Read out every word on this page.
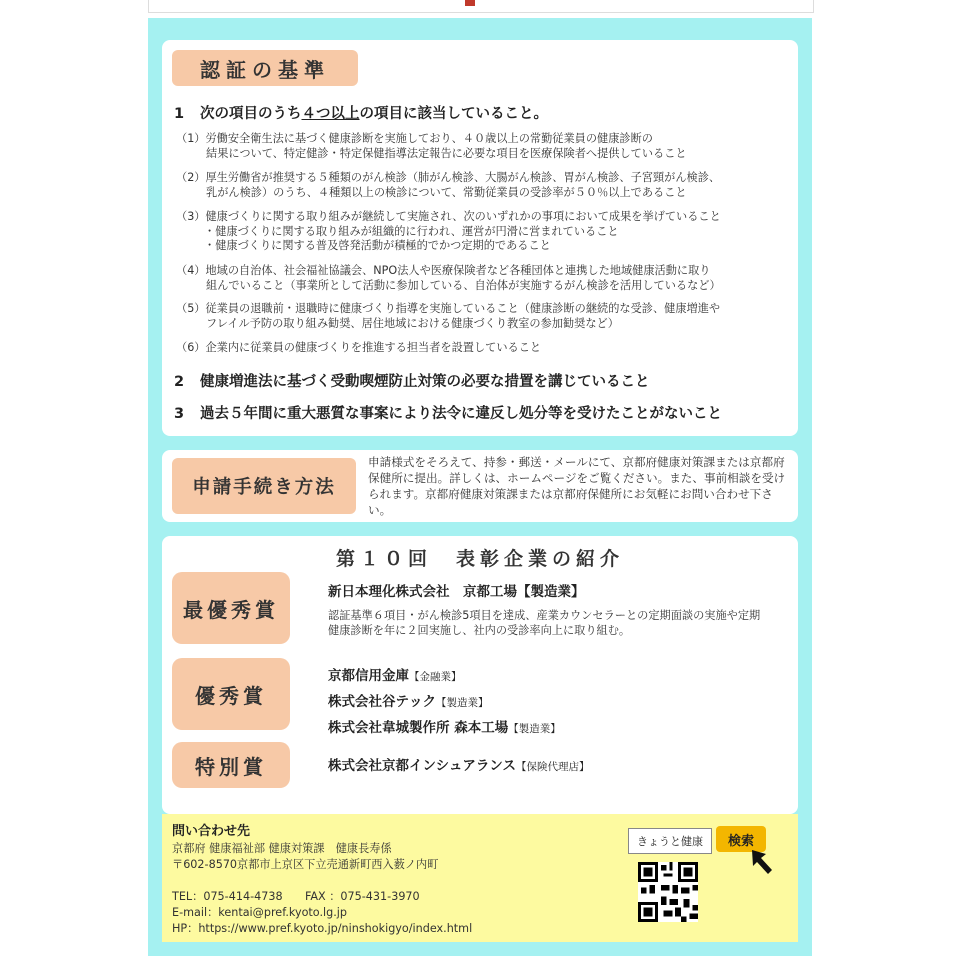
認証の基準
1 次の項目のうち４つ以上の項目に該当していること。
（1）労働安全衛生法に基づく健康診断を実施しており、４０歳以上の常勤従業員の健康診断の
結果について、特定健診・特定保健指導法定報告に必要な項目を医療保険者へ提供していること
（2）厚生労働省が推奨する５種類のがん検診（肺がん検診、大腸がん検診、胃がん検診、子宮頸がん検診、
乳がん検診）のうち、４種類以上の検診について、常勤従業員の受診率が５０％以上であること
（3）健康づくりに関する取り組みが継続して実施され、次のいずれかの事項において成果を挙げていること
・健康づくりに関する取り組みが組織的に行われ、運営が円滑に営まれていること
・健康づくりに関する普及啓発活動が積極的でかつ定期的であること
（4）地域の自治体、社会福祉協議会、NPO法人や医療保険者など各種団体と連携した地域健康活動に取り
組んでいること（事業所として活動に参加している、自治体が実施するがん検診を活用しているなど）
（5）従業員の退職前・退職時に健康づくり指導を実施していること（健康診断の継続的な受診、健康増進や
フレイル予防の取り組み勧奨、居住地域における健康づくり教室の参加勧奨など）
（6）企業内に従業員の健康づくりを推進する担当者を設置していること
2 健康増進法に基づく受動喫煙防止対策の必要な措置を講じていること
3 過去５年間に重大悪質な事案により法令に違反し処分等を受けたことがないこと
申請手続き方法
申請様式をそろえて、持参・郵送・メールにて、京都府健康対策課または京都府保健所に提出。詳しくは、ホームページをご覧ください。また、事前相談を受けられます。京都府健康対策課または京都府保健所にお気軽にお問い合わせ下さい。
第１０回　表彰企業の紹介
最優秀賞
新日本理化株式会社　京都工場【製造業】
認証基準６項目・がん検診5項目を達成、産業カウンセラーとの定期面談の実施や定期健康診断を年に２回実施し、社内の受診率向上に取り組む。
優秀賞
京都信用金庫【金融業】
株式会社谷テック【製造業】
株式会社韋城製作所 森本工場【製造業】
特別賞	株式会社京都インシュアランス【保険代理店】
問い合わせ先
京都府 健康福祉部 健康対策課　健康長寿係
〒602-8570京都市上京区下立売通新町西入薮ノ内町
TEL：075-414-4738　　FAX ：075-431-3970
E-mail：kentai@pref.kyoto.lg.jp
HP：https://www.pref.kyoto.jp/ninshokigyo/index.html
きょうと健康	検索
